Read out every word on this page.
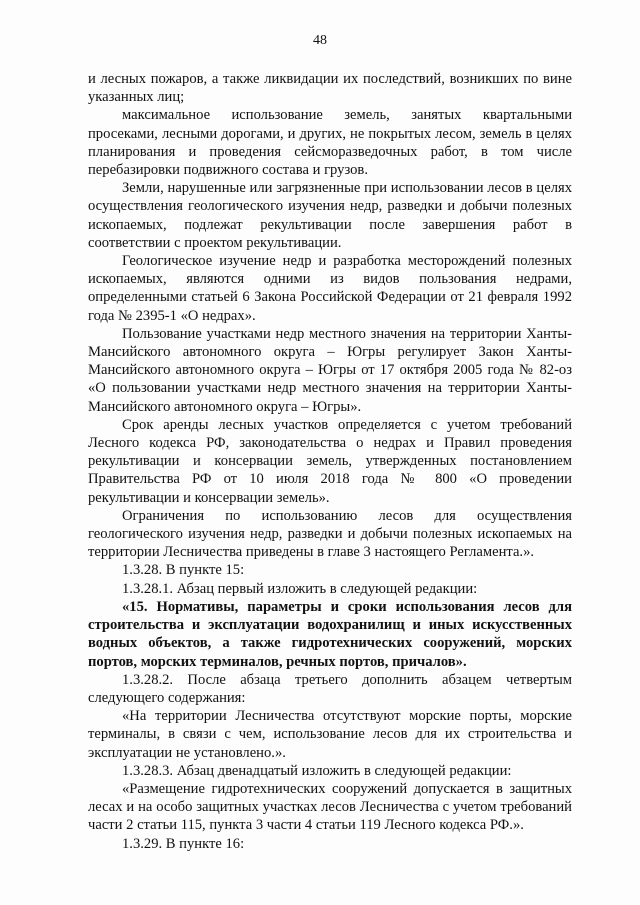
48

и лесных пожаров, а также ликвидации их последствий, возникших по вине указанных лиц;

максимальное использование земель, занятых квартальными просеками, лесными дорогами, и других, не покрытых лесом, земель в целях планирования и проведения сейсморазведочных работ, в том числе перебазировки подвижного состава и грузов.

Земли, нарушенные или загрязненные при использовании лесов в целях осуществления геологического изучения недр, разведки и добычи полезных ископаемых, подлежат рекультивации после завершения работ в соответствии с проектом рекультивации.

Геологическое изучение недр и разработка месторождений полезных ископаемых, являются одними из видов пользования недрами, определенными статьей 6 Закона Российской Федерации от 21 февраля 1992 года № 2395-1 «О недрах».

Пользование участками недр местного значения на территории Ханты-Мансийского автономного округа – Югры регулирует Закон Ханты-Мансийского автономного округа – Югры от 17 октября 2005 года № 82-оз «О пользовании участками недр местного значения на территории Ханты-Мансийского автономного округа – Югры».

Срок аренды лесных участков определяется с учетом требований Лесного кодекса РФ, законодательства о недрах и Правил проведения рекультивации и консервации земель, утвержденных постановлением Правительства РФ от 10 июля 2018 года № 800 «О проведении рекультивации и консервации земель».

Ограничения по использованию лесов для осуществления геологического изучения недр, разведки и добычи полезных ископаемых на территории Лесничества приведены в главе 3 настоящего Регламента.».

1.3.28. В пункте 15:

1.3.28.1. Абзац первый изложить в следующей редакции:

«15. Нормативы, параметры и сроки использования лесов для строительства и эксплуатации водохранилищ и иных искусственных водных объектов, а также гидротехнических сооружений, морских портов, морских терминалов, речных портов, причалов».

1.3.28.2. После абзаца третьего дополнить абзацем четвертым следующего содержания:

«На территории Лесничества отсутствуют морские порты, морские терминалы, в связи с чем, использование лесов для их строительства и эксплуатации не установлено.».

1.3.28.3. Абзац двенадцатый изложить в следующей редакции:

«Размещение гидротехнических сооружений допускается в защитных лесах и на особо защитных участках лесов Лесничества с учетом требований части 2 статьи 115, пункта 3 части 4 статьи 119 Лесного кодекса РФ.».

1.3.29. В пункте 16:
